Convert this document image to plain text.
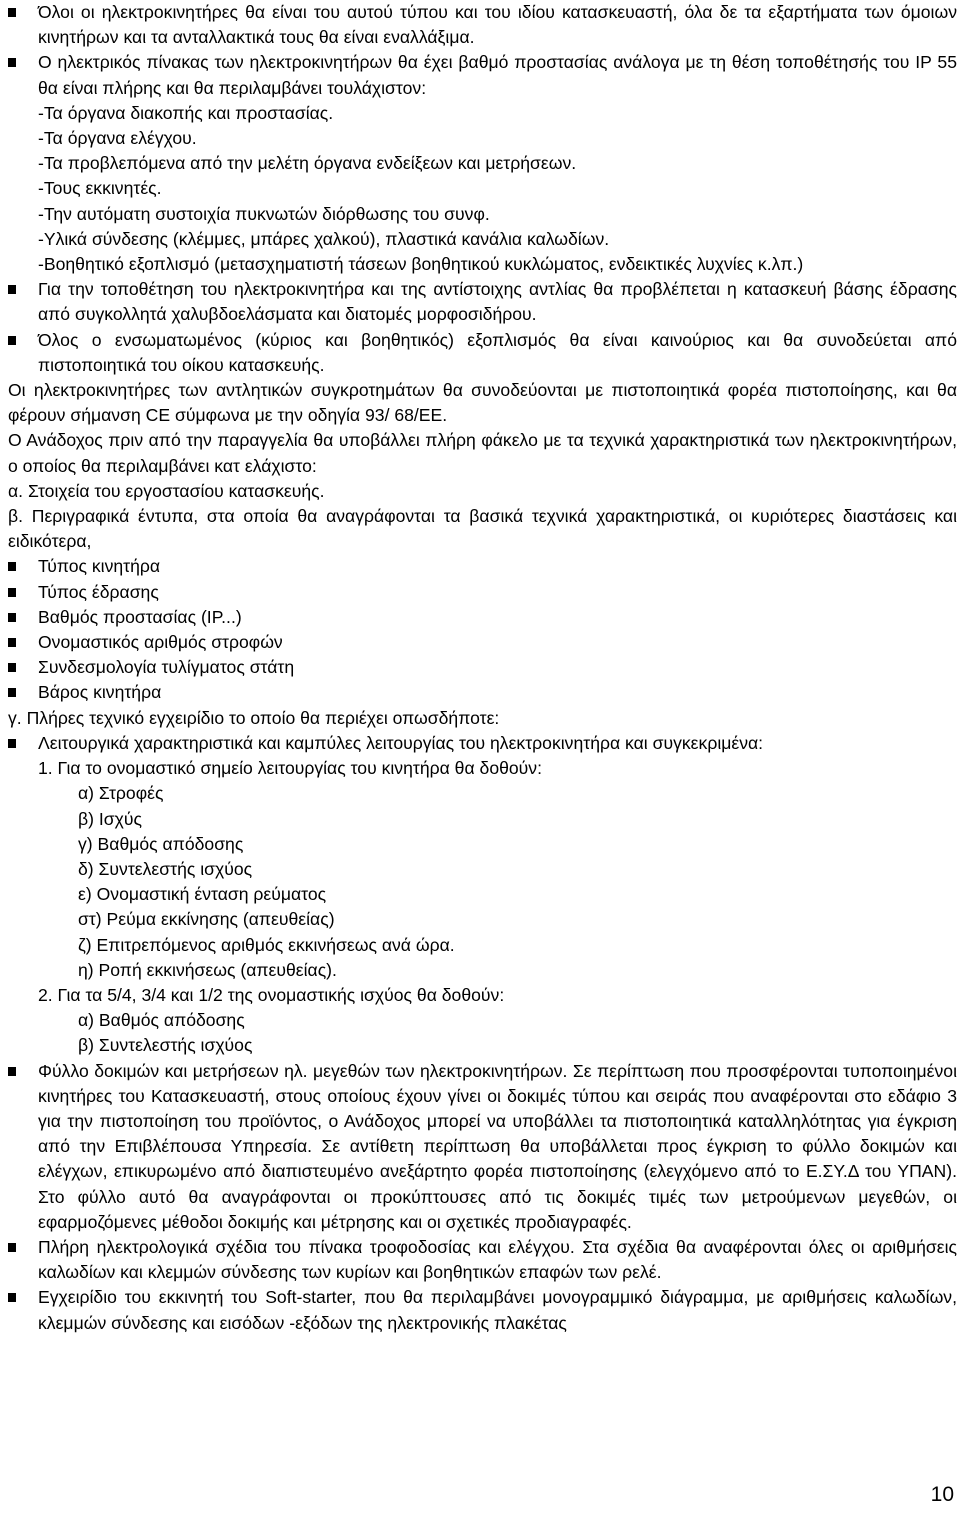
Όλοι οι ηλεκτροκινητήρες θα είναι του αυτού τύπου και του ιδίου κατασκευαστή, όλα δε τα εξαρτήματα των όμοιων κινητήρων και τα ανταλλακτικά τους θα είναι εναλλάξιμα.

Ο ηλεκτρικός πίνακας των ηλεκτροκινητήρων θα έχει βαθμό προστασίας ανάλογα με τη θέση τοποθέτησής του IP 55 θα είναι πλήρης και θα περιλαμβάνει τουλάχιστον:

-Τα όργανα διακοπής και προστασίας.

-Τα όργανα ελέγχου.

-Τα προβλεπόμενα από την μελέτη όργανα ενδείξεων και μετρήσεων.

-Τους εκκινητές.

-Την αυτόματη συστοιχία πυκνωτών διόρθωσης του συνφ.

-Υλικά σύνδεσης (κλέμμες, μπάρες χαλκού), πλαστικά κανάλια καλωδίων.

-Βοηθητικό εξοπλισμό (μετασχηματιστή τάσεων βοηθητικού κυκλώματος, ενδεικτικές λυχνίες κ.λπ.)

Για την τοποθέτηση του ηλεκτροκινητήρα και της αντίστοιχης αντλίας θα προβλέπεται η κατασκευή βάσης έδρασης από συγκολλητά χαλυβδοελάσματα και διατομές μορφοσιδήρου.

Όλος ο ενσωματωμένος (κύριος και βοηθητικός) εξοπλισμός θα είναι καινούριος και θα συνοδεύεται από πιστοποιητικά του οίκου κατασκευής.

Οι ηλεκτροκινητήρες των αντλητικών συγκροτημάτων θα συνοδεύονται με πιστοποιητικά φορέα πιστοποίησης, και θα φέρουν σήμανση CE σύμφωνα με την οδηγία 93/ 68/ΕΕ.

Ο Ανάδοχος πριν από την παραγγελία θα υποβάλλει πλήρη φάκελο με τα τεχνικά χαρακτηριστικά των ηλεκτροκινητήρων, ο οποίος θα περιλαμβάνει κατ ελάχιστο:

α. Στοιχεία του εργοστασίου κατασκευής.

β. Περιγραφικά έντυπα, στα οποία θα αναγράφονται τα βασικά τεχνικά χαρακτηριστικά, οι κυριότερες διαστάσεις και ειδικότερα,

Τύπος κινητήρα

Τύπος έδρασης

Βαθμός προστασίας (IP...)

Ονομαστικός αριθμός στροφών

Συνδεσμολογία τυλίγματος στάτη

Βάρος κινητήρα

γ. Πλήρες τεχνικό εγχειρίδιο το οποίο θα περιέχει οπωσδήποτε:

Λειτουργικά χαρακτηριστικά και καμπύλες λειτουργίας του ηλεκτροκινητήρα και συγκεκριμένα:

1. Για το ονομαστικό σημείο λειτουργίας του κινητήρα θα δοθούν:

α) Στροφές

β) Ισχύς

γ) Βαθμός απόδοσης

δ) Συντελεστής ισχύος

ε) Ονομαστική ένταση ρεύματος

στ) Ρεύμα εκκίνησης (απευθείας)

ζ) Επιτρεπόμενος αριθμός εκκινήσεως ανά ώρα.

η) Ροπή εκκινήσεως (απευθείας).

2. Για τα 5/4, 3/4 και 1/2 της ονομαστικής ισχύος θα δοθούν:

α) Βαθμός απόδοσης

β) Συντελεστής ισχύος

Φύλλο δοκιμών και μετρήσεων ηλ. μεγεθών των ηλεκτροκινητήρων. Σε περίπτωση που προσφέρονται τυποποιημένοι κινητήρες του Κατασκευαστή, στους οποίους έχουν γίνει οι δοκιμές τύπου και σειράς που αναφέρονται στο εδάφιο 3 για την πιστοποίηση του προϊόντος, ο Ανάδοχος μπορεί να υποβάλλει τα πιστοποιητικά καταλληλότητας για έγκριση από την Επιβλέπουσα Υπηρεσία. Σε αντίθετη περίπτωση θα υποβάλλεται προς έγκριση το φύλλο δοκιμών και ελέγχων, επικυρωμένο από διαπιστευμένο ανεξάρτητο φορέα πιστοποίησης (ελεγχόμενο από το Ε.ΣΥ.Δ του ΥΠΑΝ). Στο φύλλο αυτό θα αναγράφονται οι προκύπτουσες από τις δοκιμές τιμές των μετρούμενων μεγεθών, οι εφαρμοζόμενες μέθοδοι δοκιμής και μέτρησης και οι σχετικές προδιαγραφές.

Πλήρη ηλεκτρολογικά σχέδια του πίνακα τροφοδοσίας και ελέγχου. Στα σχέδια θα αναφέρονται όλες οι αριθμήσεις καλωδίων και κλεμμών σύνδεσης των κυρίων και βοηθητικών επαφών των ρελέ.

Εγχειρίδιο του εκκινητή του Soft-starter, που θα περιλαμβάνει μονογραμμικό διάγραμμα, με αριθμήσεις καλωδίων, κλεμμών σύνδεσης και εισόδων -εξόδων της ηλεκτρονικής πλακέτας

10
